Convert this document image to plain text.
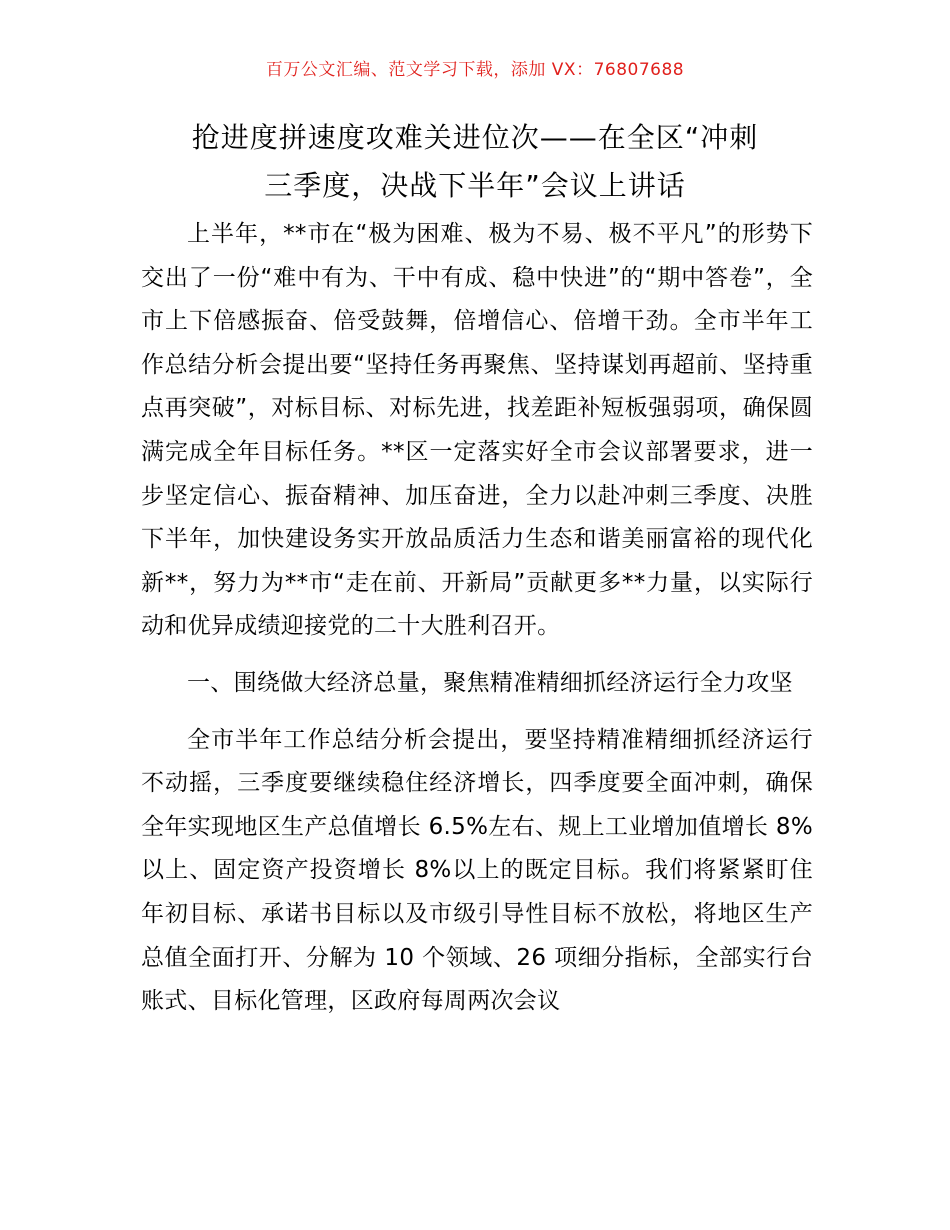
百万公文汇编、范文学习下载，添加 VX：76807688
抢进度拼速度攻难关进位次——在全区“冲刺
三季度，决战下半年”会议上讲话

上半年，**市在“极为困难、极为不易、极不平凡”的形势下交出了一份“难中有为、干中有成、稳中快进”的“期中答卷”，全市上下倍感振奋、倍受鼓舞，倍增信心、倍增干劲。全市半年工作总结分析会提出要“坚持任务再聚焦、坚持谋划再超前、坚持重点再突破”，对标目标、对标先进，找差距补短板强弱项，确保圆满完成全年目标任务。**区一定落实好全市会议部署要求，进一步坚定信心、振奋精神、加压奋进，全力以赴冲刺三季度、决胜下半年，加快建设务实开放品质活力生态和谐美丽富裕的现代化新**，努力为**市“走在前、开新局”贡献更多**力量，以实际行动和优异成绩迎接党的二十大胜利召开。

一、围绕做大经济总量，聚焦精准精细抓经济运行全力攻坚

全市半年工作总结分析会提出，要坚持精准精细抓经济运行不动摇，三季度要继续稳住经济增长，四季度要全面冲刺，确保全年实现地区生产总值增长 6.5%左右、规上工业增加值增长 8%以上、固定资产投资增长 8%以上的既定目标。我们将紧紧盯住年初目标、承诺书目标以及市级引导性目标不放松，将地区生产总值全面打开、分解为 10 个领域、26 项细分指标，全部实行台账式、目标化管理，区政府每周两次会议
